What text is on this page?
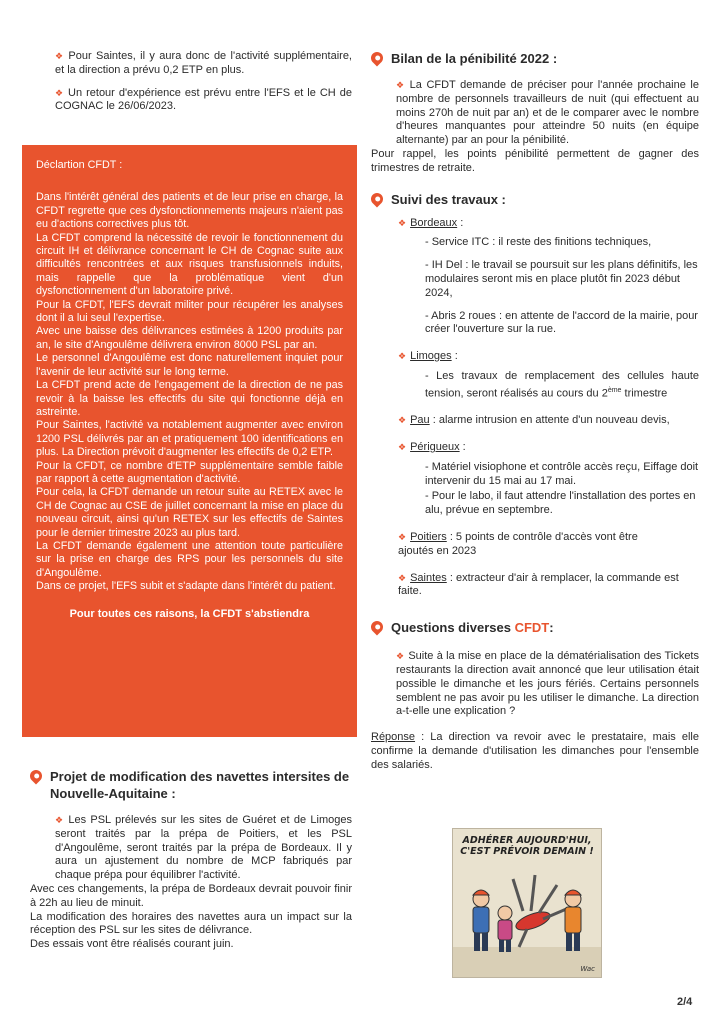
❖ Pour Saintes, il y aura donc de l'activité supplémentaire, et la direction a prévu 0,2 ETP en plus.

❖ Un retour d'expérience est prévu entre l'EFS et le CH de COGNAC le 26/06/2023.

Déclartion CFDT :

Dans l'intérêt général des patients et de leur prise en charge, la CFDT regrette que ces dysfonctionnements majeurs n'aient pas eu d'actions correctives plus tôt.

La CFDT comprend la nécessité de revoir le fonctionnement du circuit IH et délivrance concernant le CH de Cognac suite aux difficultés rencontrées et aux risques transfusionnels induits, mais rappelle que la problématique vient d'un dysfonctionnement d'un laboratoire privé.

Pour la CFDT, l'EFS devrait militer pour récupérer les analyses dont il a lui seul l'expertise.

Avec une baisse des délivrances estimées à 1200 produits par an, le site d'Angoulême délivrera environ 8000 PSL par an.

Le personnel d'Angoulême est donc naturellement inquiet pour l'avenir de leur activité sur le long terme.

La CFDT prend acte de l'engagement de la direction de ne pas revoir à la baisse les effectifs du site qui fonctionne déjà en astreinte.

Pour Saintes, l'activité va notablement augmenter avec environ 1200 PSL délivrés par an et pratiquement 100 identifications en plus. La Direction prévoit d'augmenter les effectifs de 0,2 ETP.

Pour la CFDT, ce nombre d'ETP supplémentaire semble faible par rapport à cette augmentation d'activité.

Pour cela, la CFDT demande un retour suite au RETEX avec le CH de Cognac au CSE de juillet concernant la mise en place du nouveau circuit, ainsi qu'un RETEX sur les effectifs de Saintes pour le dernier trimestre 2023 au plus tard.

La CFDT demande également une attention toute particulière sur la prise en charge des RPS pour les personnels du site d'Angoulême.

Dans ce projet, l'EFS subit et s'adapte dans l'intérêt du patient.

Pour toutes ces raisons, la CFDT s'abstiendra

Projet de modification des navettes intersites de Nouvelle-Aquitaine :

❖ Les PSL prélevés sur les sites de Guéret et de Limoges seront traités par la prépa de Poitiers, et les PSL d'Angoulême, seront traités par la prépa de Bordeaux. Il y aura un ajustement du nombre de MCP fabriqués par chaque prépa pour équilibrer l'activité.

Avec ces changements, la prépa de Bordeaux devrait pouvoir finir à 22h au lieu de minuit.

La modification des horaires des navettes aura un impact sur la réception des PSL sur les sites de délivrance.

Des essais vont être réalisés courant juin.

Bilan de la pénibilité 2022 :

❖ La CFDT demande de préciser pour l'année prochaine le nombre de personnels travailleurs de nuit (qui effectuent au moins 270h de nuit par an) et de le comparer avec le nombre d'heures manquantes pour atteindre 50 nuits (en équipe alternante) par an pour la pénibilité.

Pour rappel, les points pénibilité permettent de gagner des trimestres de retraite.

Suivi des travaux :

❖ Bordeaux :

- Service ITC : il reste des finitions techniques,

- IH Del : le travail se poursuit sur les plans définitifs, les modulaires seront mis en place plutôt fin 2023 début 2024,

- Abris 2 roues : en attente de l'accord de la mairie, pour créer l'ouverture sur la rue.

❖ Limoges :

- Les travaux de remplacement des cellules haute tension, seront réalisés au cours du 2ème trimestre

❖ Pau : alarme intrusion en attente d'un nouveau devis,

❖ Périgueux :

- Matériel visiophone et contrôle accès reçu, Eiffage doit intervenir du 15 mai au 17 mai.

- Pour le labo, il faut attendre l'installation des portes en alu, prévue en septembre.

❖ Poitiers : 5 points de contrôle d'accès vont être ajoutés en 2023

❖ Saintes : extracteur d'air à remplacer, la commande est faite.

Questions diverses
CFDT :

❖ Suite à la mise en place de la dématérialisation des Tickets restaurants la direction avait annoncé que leur utilisation était possible le dimanche et les jours fériés. Certains personnels semblent ne pas avoir pu les utiliser le dimanche. La direction a-t-elle une explication ?

Réponse : La direction va revoir avec le prestataire, mais elle confirme la demande d'utilisation les dimanches pour l'ensemble des salariés.

ADHÉRER AUJOURD'HUI, C'EST PRÉVOIR DEMAIN !
Wac
2/4
